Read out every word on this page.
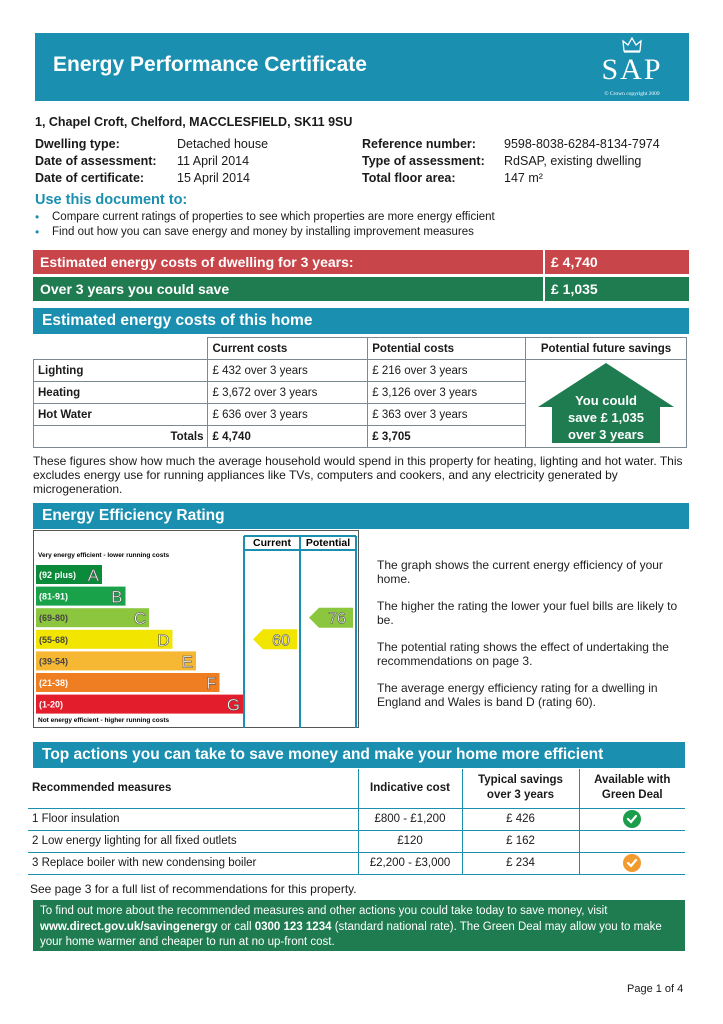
Energy Performance Certificate	SAP
© Crown copyright 2009
1, Chapel Croft, Chelford, MACCLESFIELD, SK11 9SU
Dwelling type:	Detached house
Date of assessment: 11 April 2014
Date of certificate:	15 April 2014
Reference number: 9598-8038-6284-8134-7974
Type of assessment: RdSAP, existing dwelling
Total floor area:	147 m²
Use this document to:
• Compare current ratings of properties to see which properties are more energy efficient
• Find out how you can save energy and money by installing improvement measures
Estimated energy costs of dwelling for 3 years:	£ 4,740
Over 3 years you could save	£ 1,035
Estimated energy costs of this home
	Current costs	Potential costs	Potential future savings
Lighting	£ 432 over 3 years	£ 216 over 3 years	
Heating	£ 3,672 over 3 years	£ 3,126 over 3 years	
Hot Water	£ 636 over 3 years	£ 363 over 3 years	
Totals	£ 4,740	£ 3,705	
You could
save £ 1,035
over 3 years
These figures show how much the average household would spend in this property for heating, lighting and hot water. This excludes energy use for running appliances like TVs, computers and cookers, and any electricity generated by microgeneration.
Energy Efficiency Rating
Current Potential
Very energy efficient - lower running costs
Not energy efficient - higher running costs
(92 plus) A
(81-91)	B
(69-80)	C
(55-68)	D
(39-54)	E
(21-38)	F
(1-20)	G
60
76
The graph shows the current energy efficiency of your home.
The higher the rating the lower your fuel bills are likely to be.
The potential rating shows the effect of undertaking the recommendations on page 3.
The average energy efficiency rating for a dwelling in England and Wales is band D (rating 60).
Top actions you can take to save money and make your home more efficient
Recommended measures	Indicative cost	Typical savings over 3 years	Available with Green Deal
1 Floor insulation	£800 - £1,200	£ 426	

2 Low energy lighting for all fixed outlets	£120	£ 162	
3 Replace boiler with new condensing boiler	£2,200 - £3,000	£ 234	
See page 3 for a full list of recommendations for this property.
To find out more about the recommended measures and other actions you could take today to save money, visit
www.direct.gov.uk/savingenergy or call 0300 123 1234 (standard national rate). The Green Deal may allow you to make your home warmer and cheaper to run at no up-front cost.
Page 1 of 4
